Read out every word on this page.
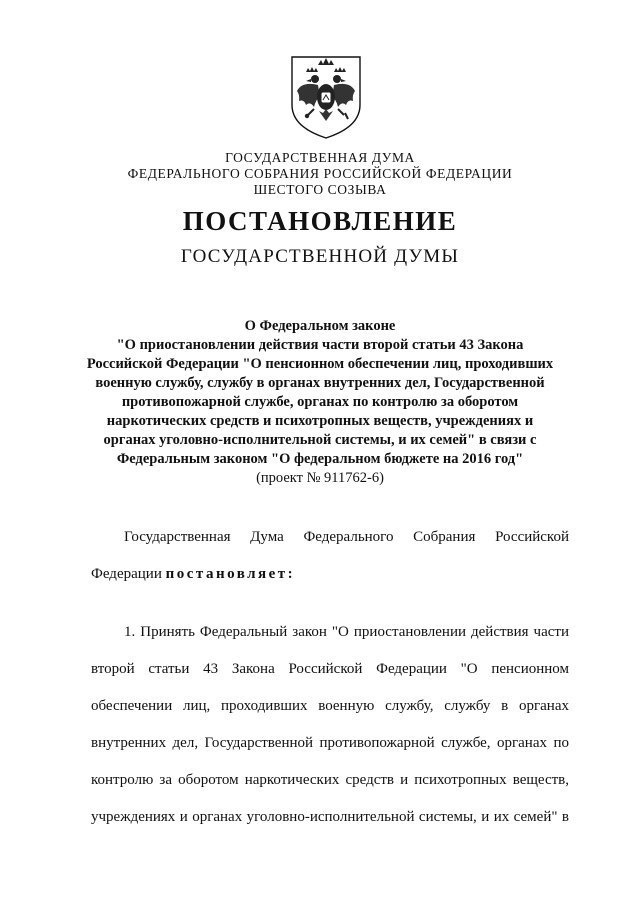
ГОСУДАРСТВЕННАЯ ДУМА
ФЕДЕРАЛЬНОГО СОБРАНИЯ РОССИЙСКОЙ ФЕДЕРАЦИИ
ШЕСТОГО СОЗЫВА
ПОСТАНОВЛЕНИЕ
ГОСУДАРСТВЕННОЙ ДУМЫ
О Федеральном законе
"О приостановлении действия части второй статьи 43 Закона
Российской Федерации "О пенсионном обеспечении лиц, проходивших
военную службу, службу в органах внутренних дел, Государственной
противопожарной службе, органах по контролю за оборотом
наркотических средств и психотропных веществ, учреждениях и
органах уголовно-исполнительной системы, и их семей" в связи с
Федеральным законом "О федеральном бюджете на 2016 год"
(проект № 911762-6)
Государственная Дума Федерального Собрания Российской
Федерации постановляет:
1. Принять Федеральный закон "О приостановлении действия части
второй статьи 43 Закона Российской Федерации "О пенсионном
обеспечении лиц, проходивших военную службу, службу в органах
внутренних дел, Государственной противопожарной службе, органах по
контролю за оборотом наркотических средств и психотропных веществ,
учреждениях и органах уголовно-исполнительной системы, и их семей" в
